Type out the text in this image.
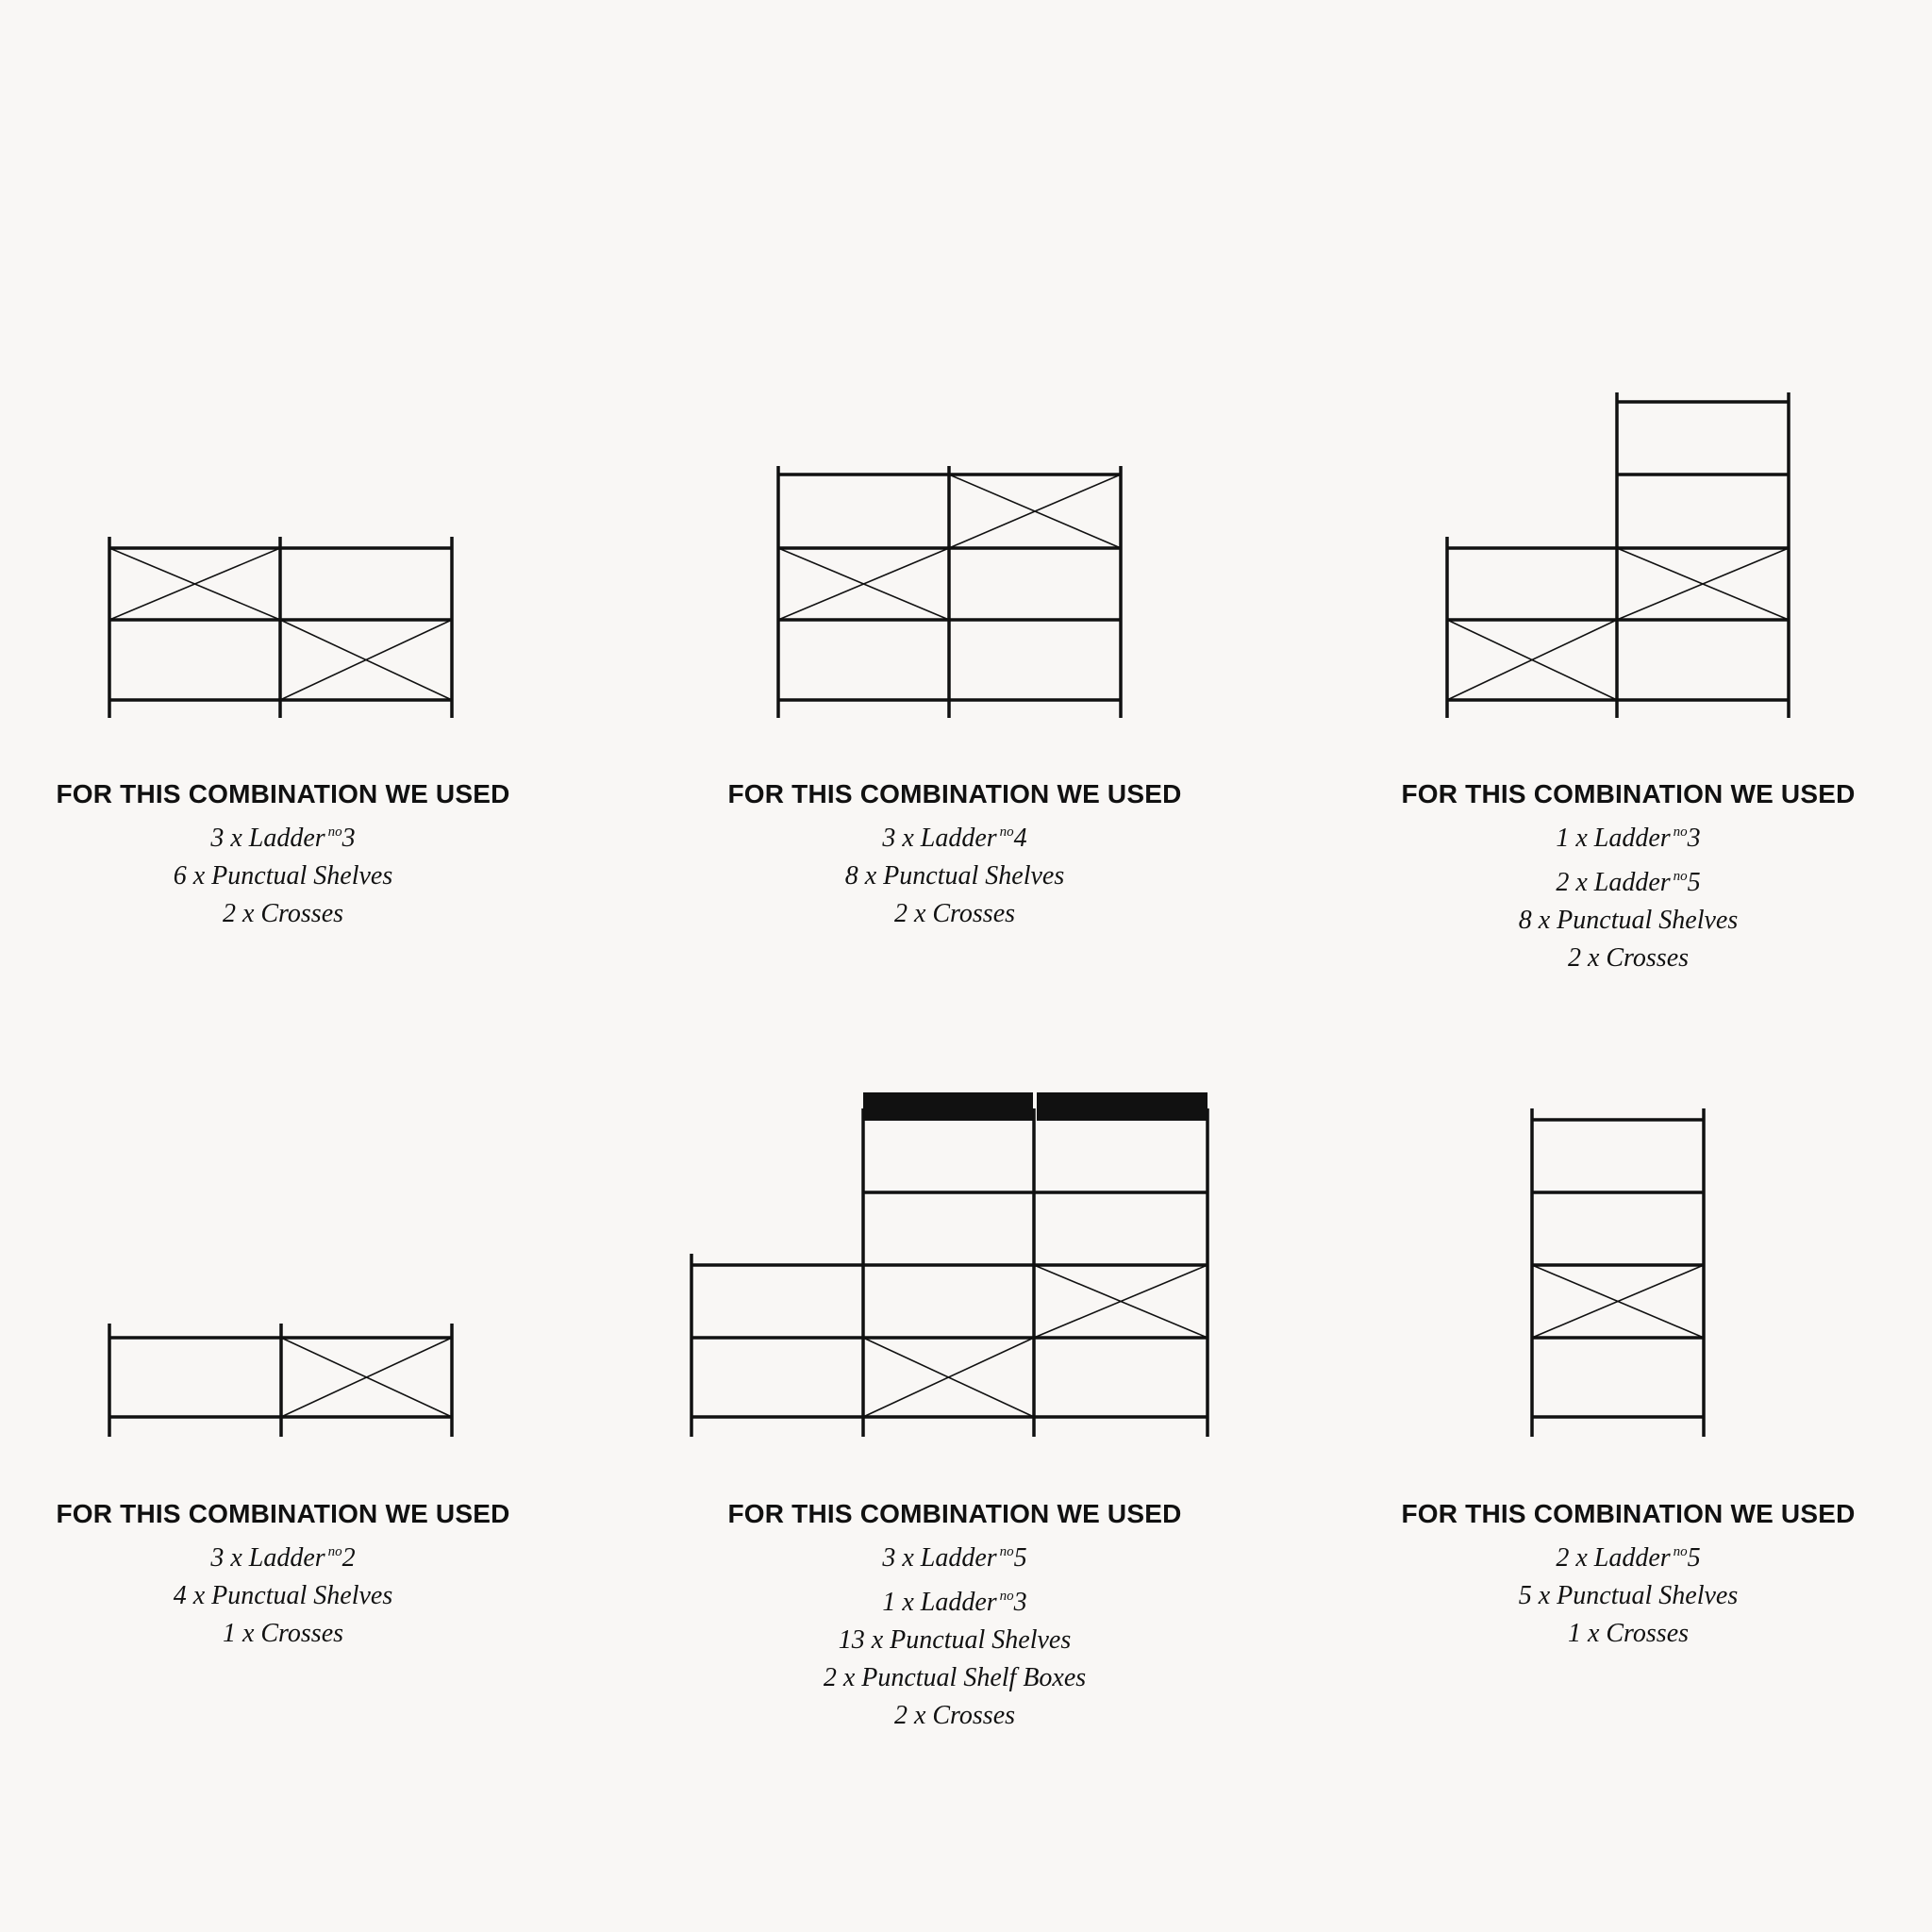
FOR THIS COMBINATION WE USED
3 x Ladder $^{no}$3
6 x Punctual Shelves
2 x Crosses
FOR THIS COMBINATION WE USED
3 x Ladder $^{no}$4
8 x Punctual Shelves
2 x Crosses
FOR THIS COMBINATION WE USED
1 x Ladder $^{no}$3
2 x Ladder $^{no}$5
8 x Punctual Shelves
2 x Crosses
FOR THIS COMBINATION WE USED
3 x Ladder $^{no}$2
4 x Punctual Shelves
1 x Crosses
FOR THIS COMBINATION WE USED
3 x Ladder $^{no}$5
1 x Ladder $^{no}$3
13 x Punctual Shelves
2 x Punctual Shelf Boxes
2 x Crosses
FOR THIS COMBINATION WE USED
2 x Ladder $^{no}$5
5 x Punctual Shelves
1 x Crosses
